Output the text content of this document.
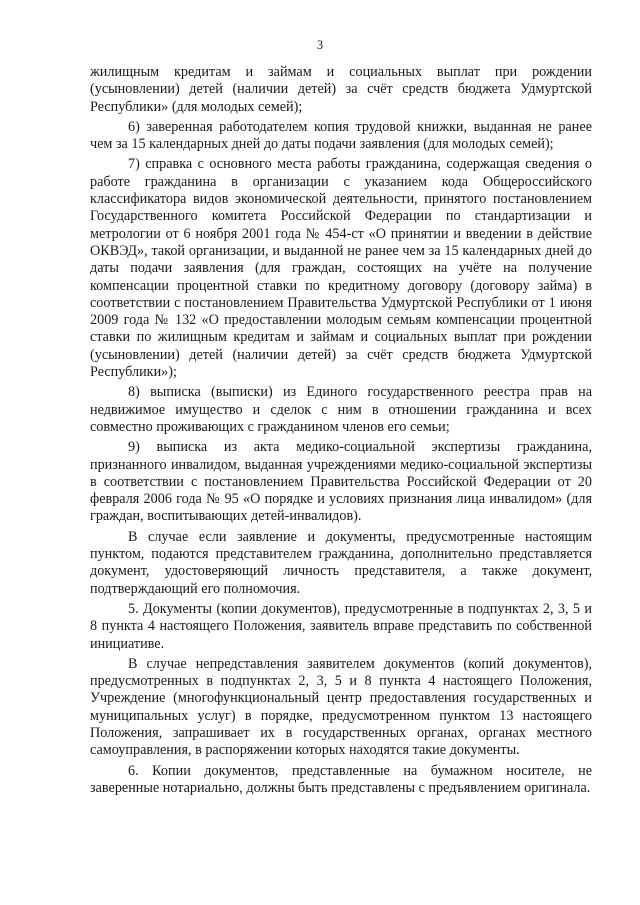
3

жилищным кредитам и займам и социальных выплат при рождении (усыновлении) детей (наличии детей) за счёт средств бюджета Удмуртской Республики» (для молодых семей);

6) заверенная работодателем копия трудовой книжки, выданная не ранее чем за 15 календарных дней до даты подачи заявления (для молодых семей);

7) справка с основного места работы гражданина, содержащая сведения о работе гражданина в организации с указанием кода Общероссийского классификатора видов экономической деятельности, принятого постановлением Государственного комитета Российской Федерации по стандартизации и метрологии от 6 ноября 2001 года № 454-ст «О принятии и введении в действие ОКВЭД», такой организации, и выданной не ранее чем за 15 календарных дней до даты подачи заявления (для граждан, состоящих на учёте на получение компенсации процентной ставки по кредитному договору (договору займа) в соответствии с постановлением Правительства Удмуртской Республики от 1 июня 2009 года № 132 «О предоставлении молодым семьям компенсации процентной ставки по жилищным кредитам и займам и социальных выплат при рождении (усыновлении) детей (наличии детей) за счёт средств бюджета Удмуртской Республики»);

8) выписка (выписки) из Единого государственного реестра прав на недвижимое имущество и сделок с ним в отношении гражданина и всех совместно проживающих с гражданином членов его семьи;

9) выписка из акта медико-социальной экспертизы гражданина, признанного инвалидом, выданная учреждениями медико-социальной экспертизы в соответствии с постановлением Правительства Российской Федерации от 20 февраля 2006 года № 95 «О порядке и условиях признания лица инвалидом» (для граждан, воспитывающих детей-инвалидов).

В случае если заявление и документы, предусмотренные настоящим пунктом, подаются представителем гражданина, дополнительно представляется документ, удостоверяющий личность представителя, а также документ, подтверждающий его полномочия.

5. Документы (копии документов), предусмотренные в подпунктах 2, 3, 5 и 8 пункта 4 настоящего Положения, заявитель вправе представить по собственной инициативе.

В случае непредставления заявителем документов (копий документов), предусмотренных в подпунктах 2, 3, 5 и 8 пункта 4 настоящего Положения, Учреждение (многофункциональный центр предоставления государственных и муниципальных услуг) в порядке, предусмотренном пунктом 13 настоящего Положения, запрашивает их в государственных органах, органах местного самоуправления, в распоряжении которых находятся такие документы.

6. Копии документов, представленные на бумажном носителе, не заверенные нотариально, должны быть представлены с предъявлением оригинала.
